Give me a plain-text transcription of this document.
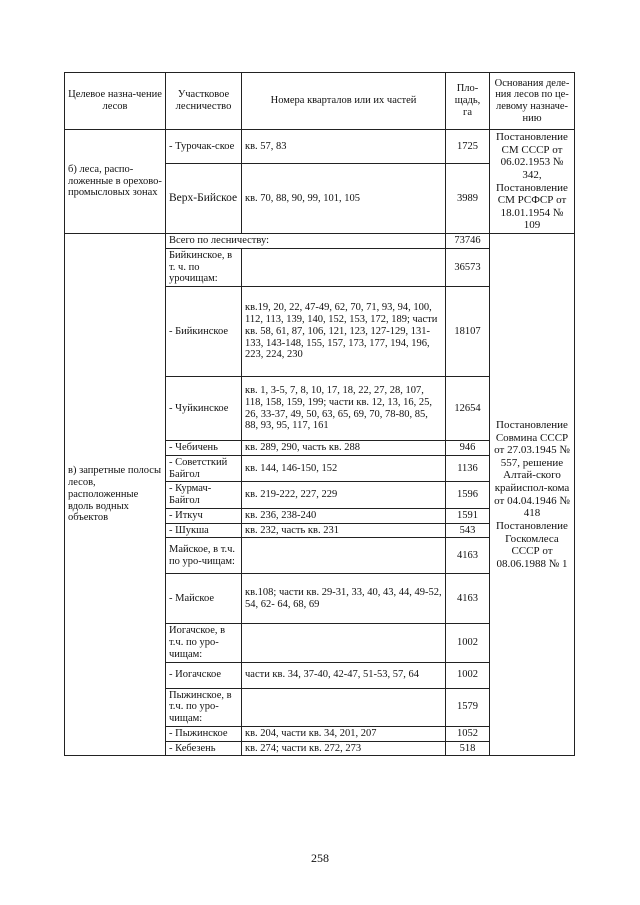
Целевое назна-чение лесов	Участковое лесничество	Номера кварталов или их частей	Пло-щадь, га	Основания деле-ния лесов по це-левому назначе-нию
б) леса, распо-ложенные в орехово-промысловых зонах	- Турочак-ское	кв. 57, 83	1725	Постановление СМ СССР от 06.02.1953 № 342, Постановление СМ РСФСР от 18.01.1954 № 109
	Верх-Бийское	кв. 70, 88, 90, 99, 101, 105	3989	
в) запретные полосы лесов, расположенные вдоль водных объектов	Всего по лесничеству:		73746	Постановление Совмина СССР от 27.03.1945 № 557, решение Алтай-ского крайиспол-кома от 04.04.1946 № 418 Постановление Госкомлеса СССР от 08.06.1988 № 1
	Бийкинское, в т. ч. по урочищам:		36573	
	- Бийкинское	кв.19, 20, 22, 47-49, 62, 70, 71, 93, 94, 100, 112, 113, 139, 140, 152, 153, 172, 189; части кв. 58, 61, 87, 106, 121, 123, 127-129, 131-133, 143-148, 155, 157, 173, 177, 194, 196, 223, 224, 230	18107	
	- Чуйкинское	кв. 1, 3-5, 7, 8, 10, 17, 18, 22, 27, 28, 107, 118, 158, 159, 199; части кв. 12, 13, 16, 25, 26, 33-37, 49, 50, 63, 65, 69, 70, 78-80, 85, 88, 93, 95, 117, 161	12654	
	- Чебичень	кв. 289, 290, часть кв. 288	946	
	- Советсткий Байгол	кв. 144, 146-150, 152	1136	
	- Курмач-Байгол	кв. 219-222, 227, 229	1596	
	- Иткуч	кв. 236, 238-240	1591	
	- Шукша	кв. 232, часть кв. 231	543	
	Майское, в т.ч. по уро-чищам:		4163	
	- Майское	кв.108; части кв. 29-31, 33, 40, 43, 44, 49-52, 54, 62- 64, 68, 69	4163	
	Иогачское, в т.ч. по уро-чищам:		1002	
	- Иогачское	части кв. 34, 37-40, 42-47, 51-53, 57, 64	1002	
	Пыжинское, в т.ч. по уро-чищам:		1579	
	- Пыжинское	кв. 204, части кв. 34, 201, 207	1052	
	- Кебезень	кв. 274; части кв. 272, 273	518	
258
